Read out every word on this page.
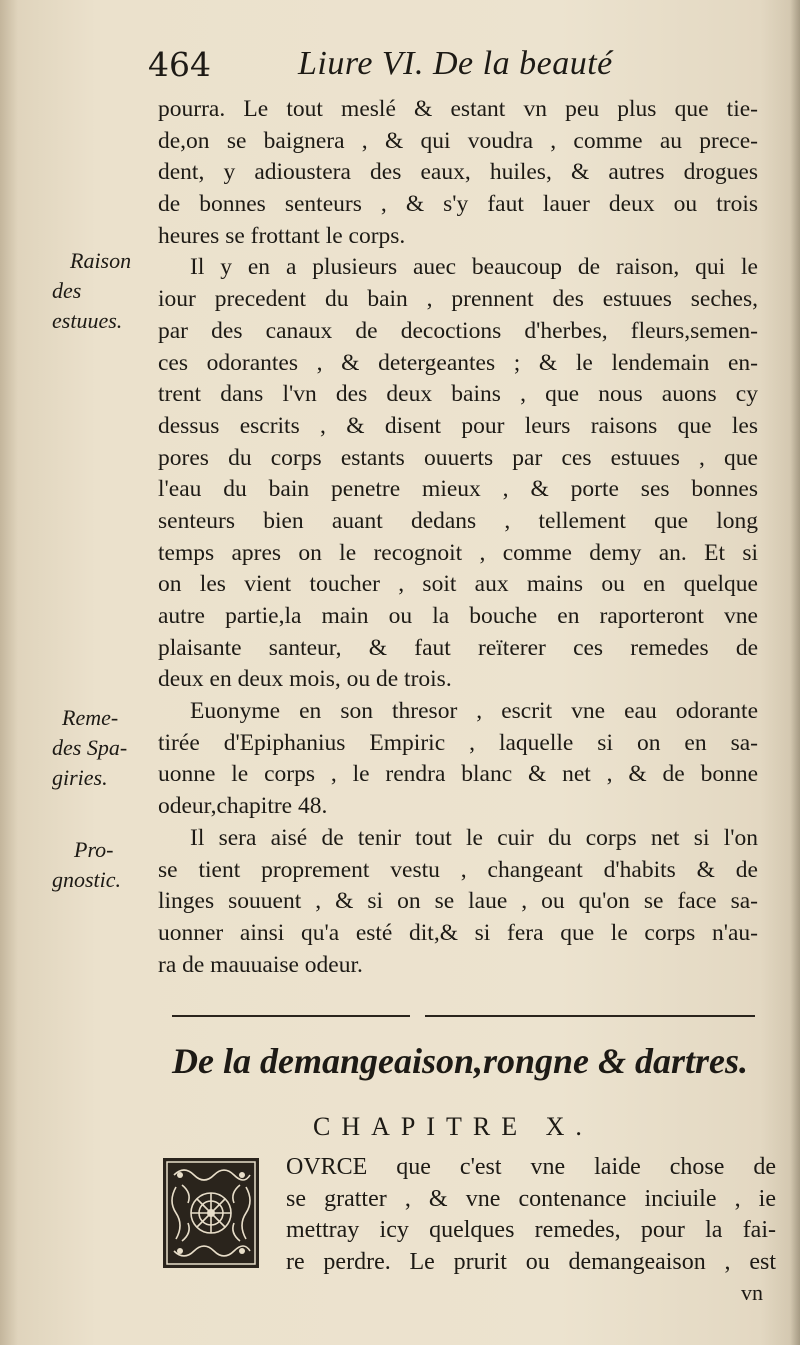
464	Liure VI. De la beauté
pourra. Le tout meslé & estant vn peu plus que tie-
de,on se baignera , & qui voudra , comme au prece-
dent, y adioustera des eaux, huiles, & autres drogues
de bonnes senteurs , & s'y faut lauer deux ou trois
heures se frottant le corps.
Il y en a plusieurs auec beaucoup de raison, qui le
iour precedent du bain , prennent des estuues seches,
par des canaux de decoctions d'herbes, fleurs,semen-
ces odorantes , & detergeantes ; & le lendemain en-
trent dans l'vn des deux bains , que nous auons cy
dessus escrits , & disent pour leurs raisons que les
pores du corps estants ouuerts par ces estuues , que
l'eau du bain penetre mieux , & porte ses bonnes
senteurs bien auant dedans , tellement que long
temps apres on le recognoit , comme demy an. Et si
on les vient toucher , soit aux mains ou en quelque
autre partie,la main ou la bouche en raporteront vne
plaisante santeur, & faut reïterer ces remedes de
deux en deux mois, ou de trois.
Euonyme en son thresor , escrit vne eau odorante
tirée d'Epiphanius Empiric , laquelle si on en sa-
uonne le corps , le rendra blanc & net , & de bonne
odeur,chapitre 48.
Il sera aisé de tenir tout le cuir du corps net si l'on
se tient proprement vestu , changeant d'habits & de
linges souuent , & si on se laue , ou qu'on se face sa-
uonner ainsi qu'a esté dit,& si fera que le corps n'au-
ra de mauuaise odeur.
Raison
des
estuues.
Reme-
des Spa-
giries.
Pro-
gnostic.
De la demangeaison,rongne & dartres.
CHAPITRE X.
OVRCE que c'est vne laide chose de
se gratter , & vne contenance inciuile , ie
mettray icy quelques remedes, pour la fai-
re perdre. Le prurit ou demangeaison , est
vn
